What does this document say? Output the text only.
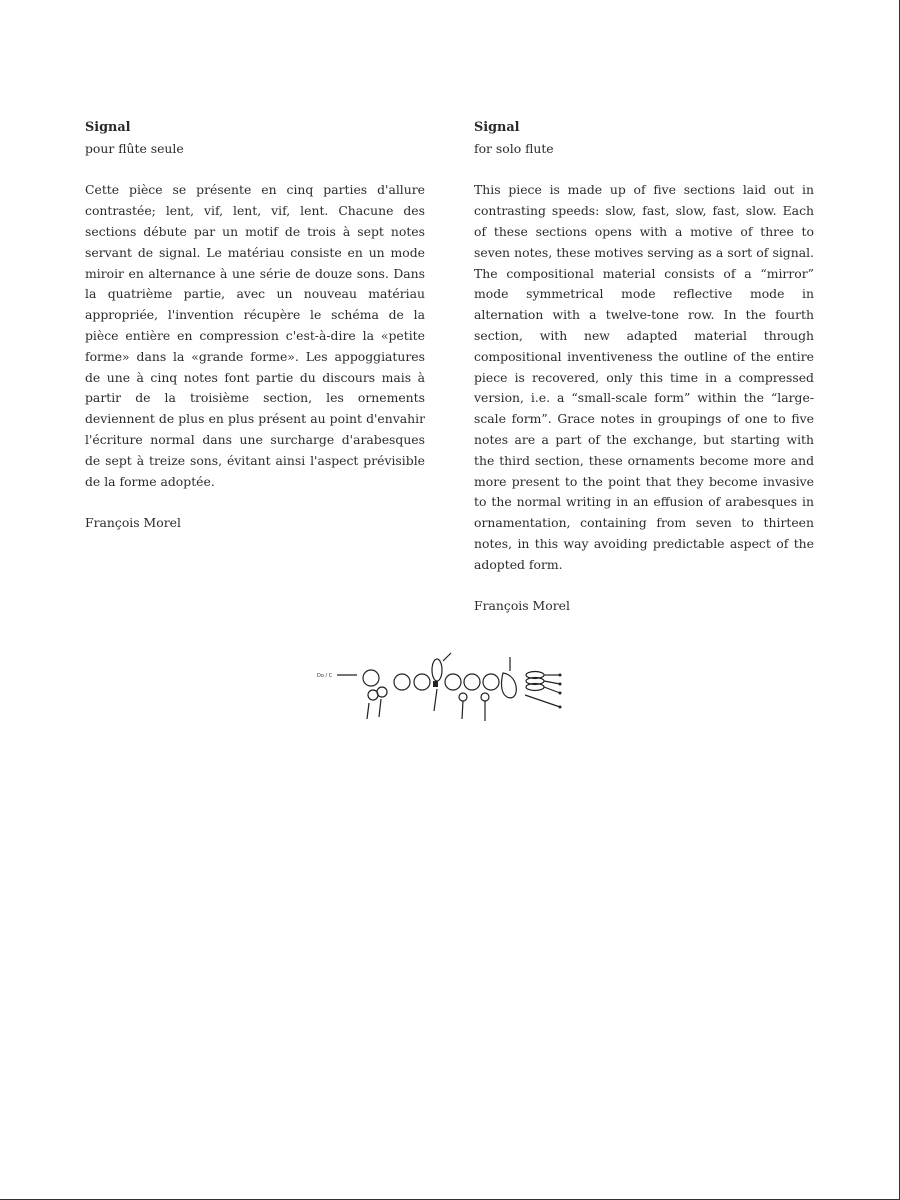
Signal

pour flûte seule

Cette pièce se présente en cinq parties d'allure contrastée; lent, vif, lent, vif, lent. Chacune des sections débute par un motif de trois à sept notes servant de signal. Le matériau consiste en un mode miroir en alternance à une série de douze sons. Dans la quatrième partie, avec un nouveau matériau appropriée, l'invention récupère le schéma de la pièce entière en compression c'est-à-dire la «petite forme» dans la «grande forme». Les appoggiatures de une à cinq notes font partie du discours mais à partir de la troisième section, les ornements deviennent de plus en plus présent au point d'envahir l'écriture normal dans une surcharge d'arabesques de sept à treize sons, évitant ainsi l'aspect prévisible de la forme adoptée.

François Morel

Signal

for solo flute

This piece is made up of five sections laid out in contrasting speeds: slow, fast, slow, fast, slow. Each of these sections opens with a motive of three to seven notes, these motives serving as a sort of signal. The compositional material consists of a “mirror” mode symmetrical mode reflective mode in alternation with a twelve-tone row. In the fourth section, with new adapted material through compositional inventiveness the outline of the entire piece is recovered, only this time in a compressed version, i.e. a “small-scale form” within the “large-scale form”. Grace notes in groupings of one to five notes are a part of the exchange, but starting with the third section, these ornaments become more and more present to the point that they become invasive to the normal writing in an effusion of arabesques in ornamentation, containing from seven to thirteen notes, in this way avoiding predictable aspect of the adopted form.

François Morel

Do / C
